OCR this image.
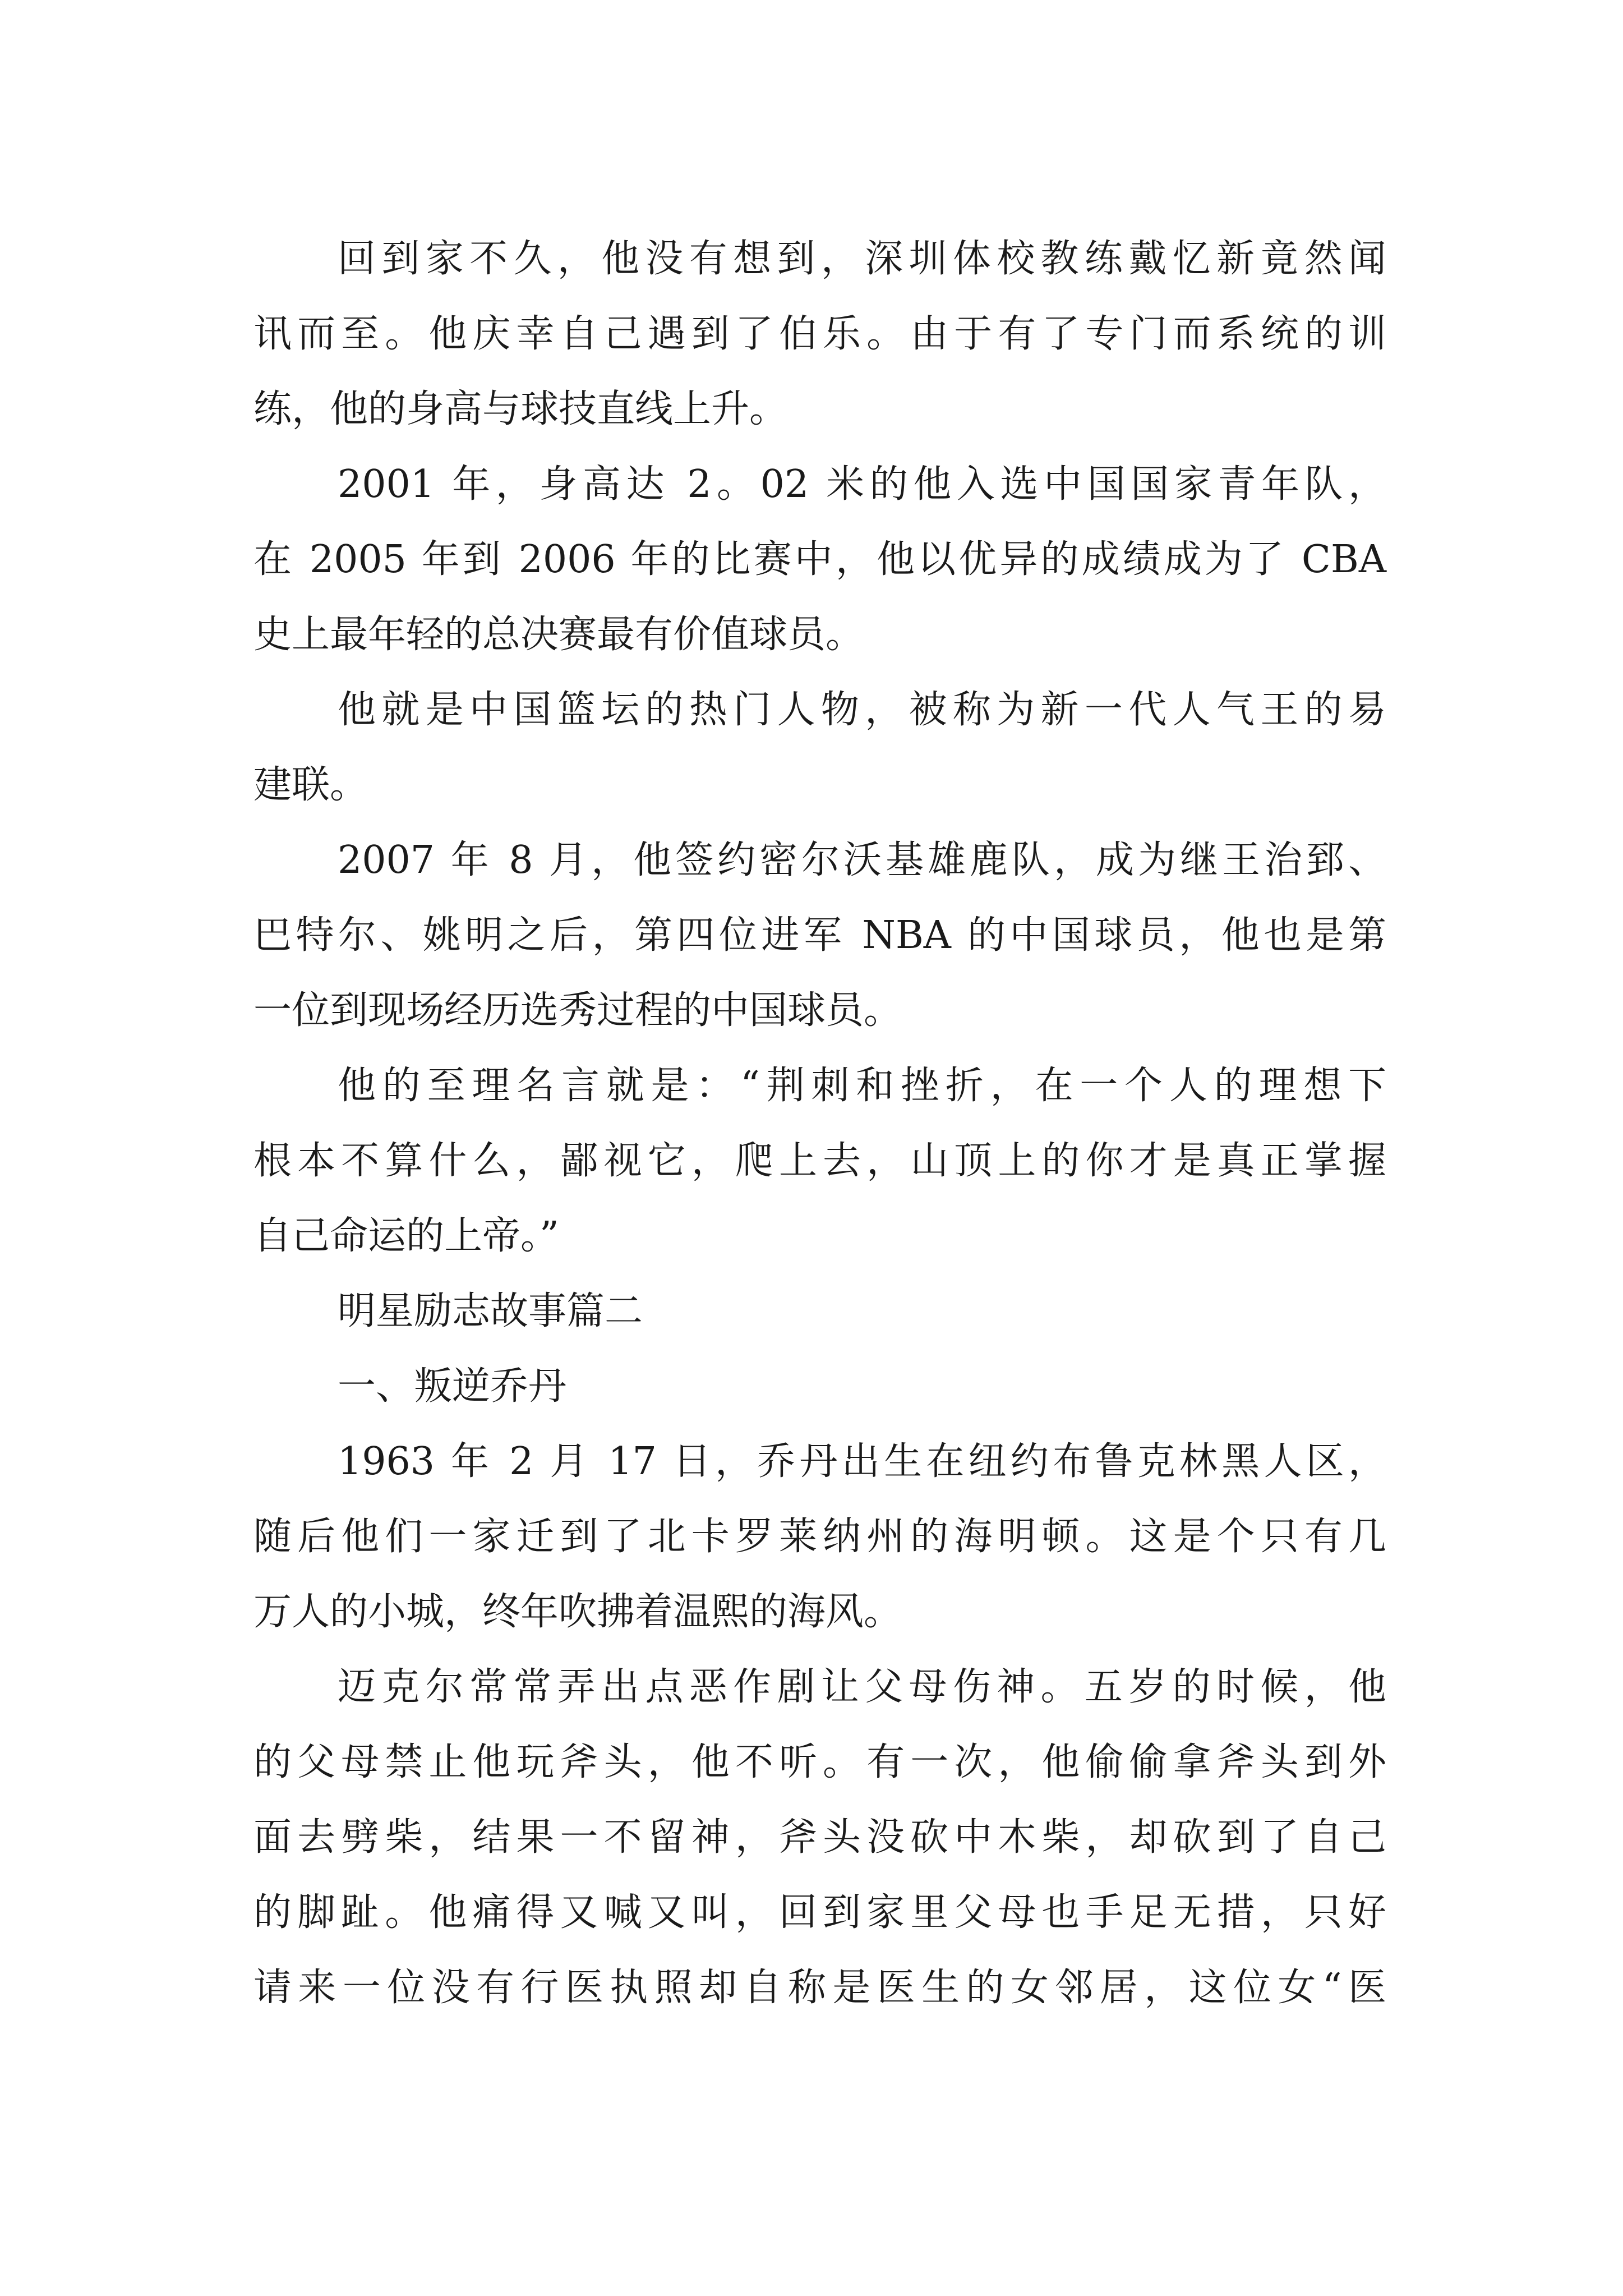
回到家不久，他没有想到，深圳体校教练戴忆新竟然闻
讯而至。他庆幸自己遇到了伯乐。由于有了专门而系统的训
练，他的身高与球技直线上升。
2001 年，身高达 2。02 米的他入选中国国家青年队，
在 2005 年到 2006 年的比赛中，他以优异的成绩成为了 CBA
史上最年轻的总决赛最有价值球员。
他就是中国篮坛的热门人物，被称为新一代人气王的易
建联。
2007 年 8 月，他签约密尔沃基雄鹿队，成为继王治郅、
巴特尔、姚明之后，第四位进军 NBA 的中国球员，他也是第
一位到现场经历选秀过程的中国球员。
他的至理名言就是：“荆刺和挫折，在一个人的理想下
根本不算什么，鄙视它，爬上去，山顶上的你才是真正掌握
自己命运的上帝。”
明星励志故事篇二
一、叛逆乔丹
1963 年 2 月 17 日，乔丹出生在纽约布鲁克林黑人区，
随后他们一家迁到了北卡罗莱纳州的海明顿。这是个只有几
万人的小城，终年吹拂着温熙的海风。
迈克尔常常弄出点恶作剧让父母伤神。五岁的时候，他
的父母禁止他玩斧头，他不听。有一次，他偷偷拿斧头到外
面去劈柴，结果一不留神，斧头没砍中木柴，却砍到了自己
的脚趾。他痛得又喊又叫，回到家里父母也手足无措，只好
请来一位没有行医执照却自称是医生的女邻居，这位女“医
